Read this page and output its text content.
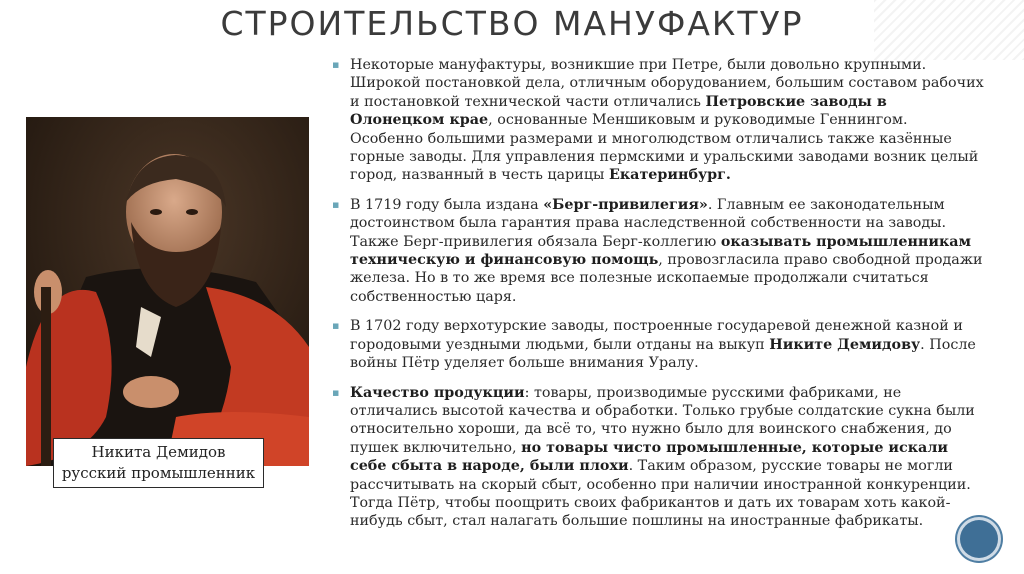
СТРОИТЕЛЬСТВО МАНУФАКТУР
Никита Демидов
русский промышленник
▪ Некоторые мануфактуры, возникшие при Петре, были довольно крупными. Широкой постановкой дела, отличным оборудованием, большим составом рабочих и постановкой технической части отличались Петровские заводы в Олонецком крае, основанные Меншиковым и руководимые Геннингом. Особенно большими размерами и многолюдством отличались также казённые горные заводы. Для управления пермскими и уральскими заводами возник целый город, названный в честь царицы Екатеринбург.
▪ В 1719 году была издана «Берг-привилегия». Главным ее законодательным достоинством была гарантия права наследственной собственности на заводы. Также Берг-привилегия обязала Берг-коллегию оказывать промышленникам техническую и финансовую помощь, провозгласила право свободной продажи железа. Но в то же время все полезные ископаемые продолжали считаться собственностью царя.
▪ В 1702 году верхотурские заводы, построенные государевой денежной казной и городовыми уездными людьми, были отданы на выкуп Никите Демидову. После войны Пётр уделяет больше внимания Уралу.
▪ Качество продукции: товары, производимые русскими фабриками, не отличались высотой качества и обработки. Только грубые солдатские сукна были относительно хороши, да всё то, что нужно было для воинского снабжения, до пушек включительно, но товары чисто промышленные, которые искали себе сбыта в народе, были плохи. Таким образом, русские товары не могли рассчитывать на скорый сбыт, особенно при наличии иностранной конкуренции. Тогда Пётр, чтобы поощрить своих фабрикантов и дать их товарам хоть какой-нибудь сбыт, стал налагать большие пошлины на иностранные фабрикаты.
